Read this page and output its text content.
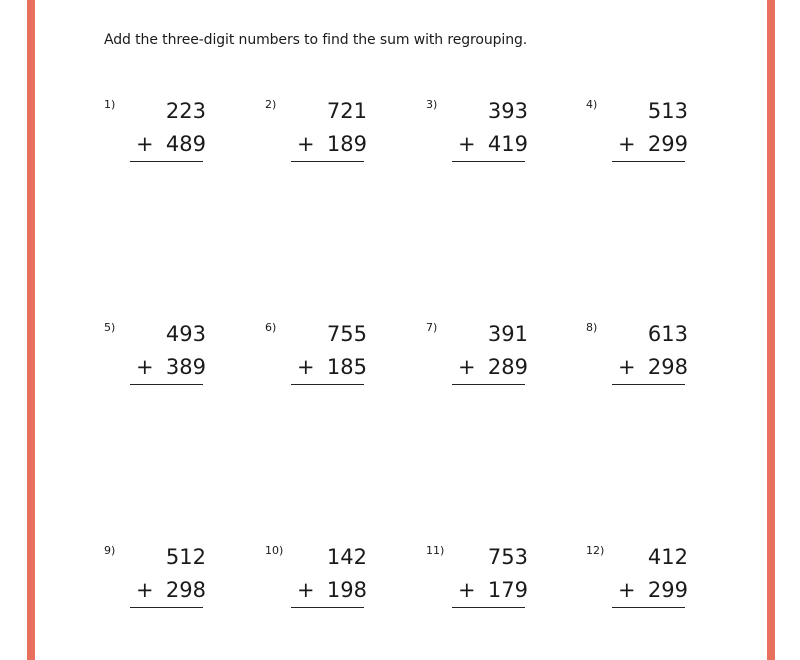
Add the three-digit numbers to find the sum with regrouping.
1) 223
+ 489
2) 721
+ 189
3) 393
+ 419
4) 513
+ 299
5) 493
+ 389
6) 755
+ 185
7) 391
+ 289
8) 613
+ 298
9) 512
+ 298
10) 142
+ 198
11) 753
+ 179
12) 412
+ 299
